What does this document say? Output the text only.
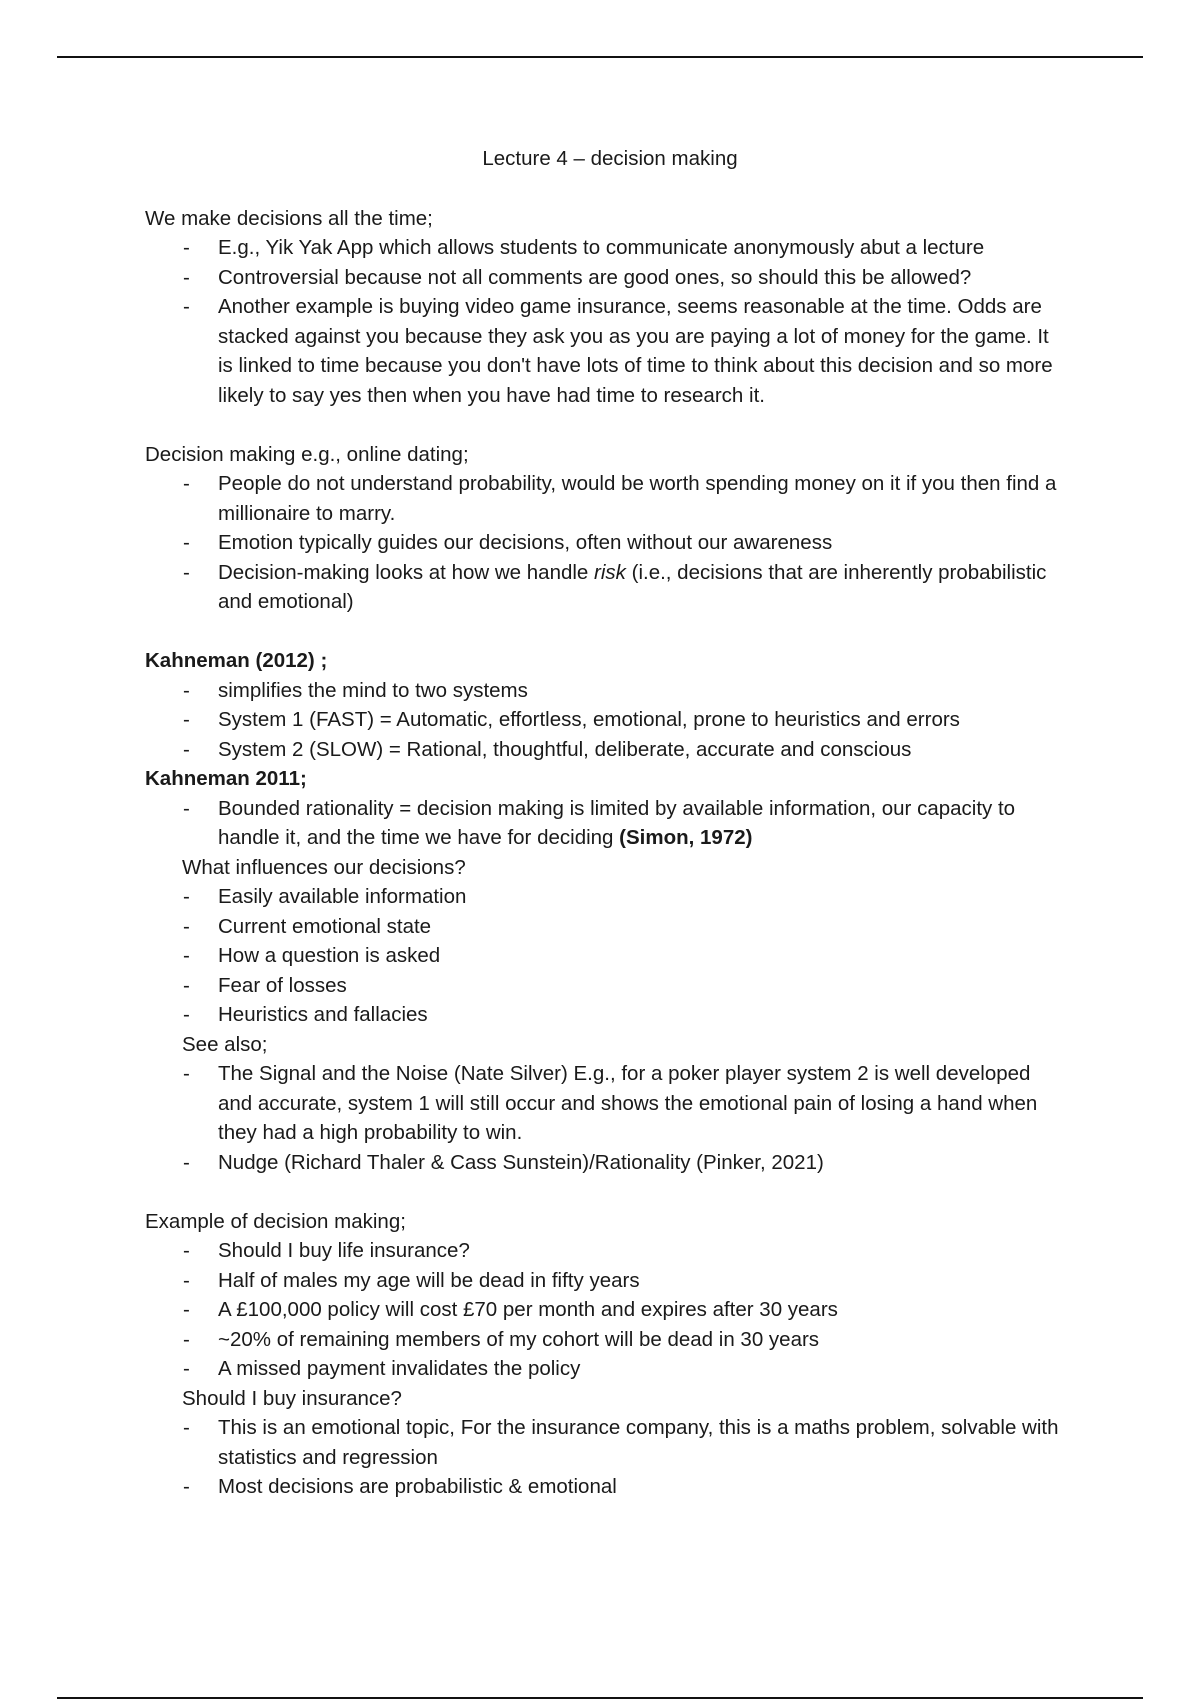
Lecture 4 – decision making

We make decisions all the time;

- E.g., Yik Yak App which allows students to communicate anonymously abut a lecture
- Controversial because not all comments are good ones, so should this be allowed?
- Another example is buying video game insurance, seems reasonable at the time. Odds are stacked against you because they ask you as you are paying a lot of money for the game. It is linked to time because you don't have lots of time to think about this decision and so more likely to say yes then when you have had time to research it.

Decision making e.g., online dating;

- People do not understand probability, would be worth spending money on it if you then find a millionaire to marry.
- Emotion typically guides our decisions, often without our awareness
- Decision-making looks at how we handle risk (i.e., decisions that are inherently probabilistic and emotional)

Kahneman (2012) ;

- simplifies the mind to two systems
- System 1 (FAST) = Automatic, effortless, emotional, prone to heuristics and errors
- System 2 (SLOW) = Rational, thoughtful, deliberate, accurate and conscious

Kahneman 2011;

- Bounded rationality = decision making is limited by available information, our capacity to handle it, and the time we have for deciding (Simon, 1972)

What influences our decisions?

- Easily available information
- Current emotional state
- How a question is asked
- Fear of losses
- Heuristics and fallacies

See also;

- The Signal and the Noise (Nate Silver) E.g., for a poker player system 2 is well developed and accurate, system 1 will still occur and shows the emotional pain of losing a hand when they had a high probability to win.
- Nudge (Richard Thaler & Cass Sunstein)/Rationality (Pinker, 2021)

Example of decision making;

- Should I buy life insurance?
- Half of males my age will be dead in fifty years
- A £100,000 policy will cost £70 per month and expires after 30 years
- ~20% of remaining members of my cohort will be dead in 30 years
- A missed payment invalidates the policy

Should I buy insurance?

- This is an emotional topic, For the insurance company, this is a maths problem, solvable with statistics and regression
- Most decisions are probabilistic & emotional
